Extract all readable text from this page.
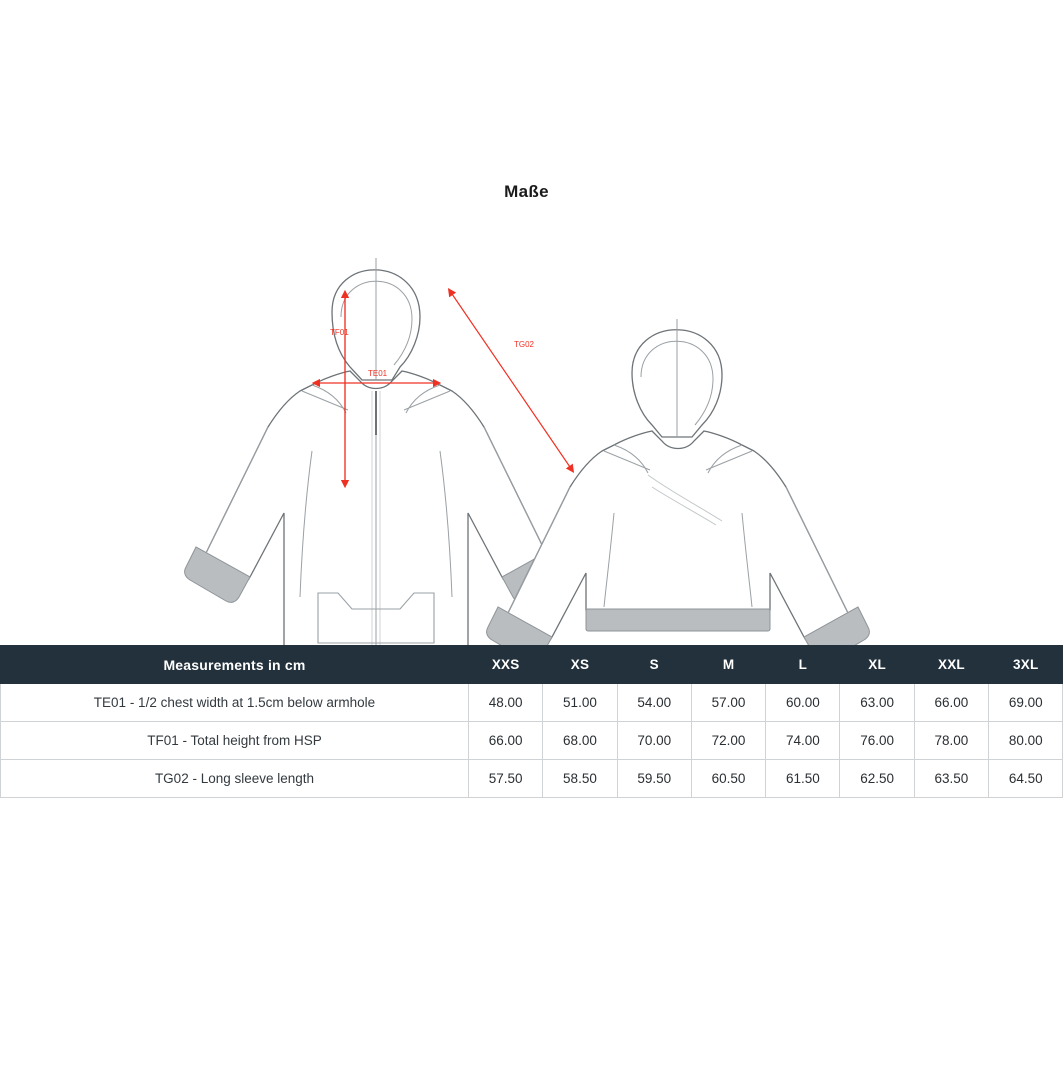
Maße
TF01
TE01
TG02
Measurements in cm	XXS	XS	S	M	L	XL	XXL	3XL
TE01 - 1/2 chest width at 1.5cm below armhole	48.00	51.00	54.00	57.00	60.00	63.00	66.00	69.00
TF01 - Total height from HSP	66.00	68.00	70.00	72.00	74.00	76.00	78.00	80.00
TG02 - Long sleeve length	57.50	58.50	59.50	60.50	61.50	62.50	63.50	64.50
